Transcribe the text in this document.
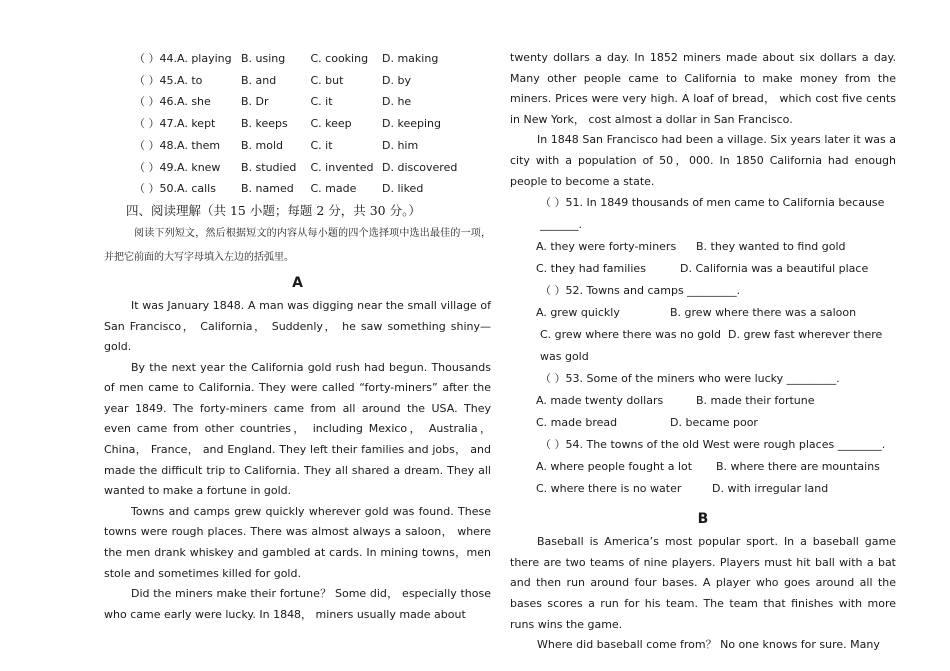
（ ）44.A. playing B. using C. cooking D. making
（ ）45.A. to	B. and	C. but	D. by
（ ）46.A. she	B. Dr	C. it	D. he
（ ）47.A. kept B. keeps C. keep	D. keeping
（ ）48.A. them B. mold C. it	D. him
（ ）49.A. knew B. studied C. invented D. discovered
（ ）50.A. calls B. named C. made D. liked
四、阅读理解（共 15 小题；每题 2 分，共 30 分。）

阅读下列短文，然后根据短文的内容从每小题的四个选择项中选出最佳的一项，并把它前面的大写字母填入左边的括弧里。

A

It was January 1848. A man was digging near the small village of San Francisco， California， Suddenly， he saw something shiny—gold.

By the next year the California gold rush had begun. Thousands of men came to California. They were called “forty-miners” after the year 1849. The forty-miners came from all around the USA. They even came from other countries， including Mexico， Australia， China， France， and England. They left their families and jobs， and made the difficult trip to California. They all shared a dream. They all wanted to make a fortune in gold.

Towns and camps grew quickly wherever gold was found. These towns were rough places. There was almost always a saloon， where the men drank whiskey and gambled at cards. In mining towns，men stole and sometimes killed for gold.

Did the miners make their fortune？ Some did， especially those who came early were lucky. In 1848， miners usually made about

twenty dollars a day. In 1852 miners made about six dollars a day. Many other people came to California to make money from the miners. Prices were very high. A loaf of bread， which cost five cents in New York， cost almost a dollar in San Francisco.

In 1848 San Francisco had been a village. Six years later it was a city with a population of 50，000. In 1850 California had enough people to become a state.

（ ）51. In 1849 thousands of men came to California because _______.
A. they were forty-miners B. they wanted to find gold
C. they had families	D. California was a beautiful place
（ ）52. Towns and camps _________.
A. grew quickly	B. grew where there was a saloon
C. grew where there was no gold D. grew fast wherever there was gold
（ ）53. Some of the miners who were lucky _________.
A. made twenty dollars	B. made their fortune
C. made bread	D. became poor
（ ）54. The towns of the old West were rough places ________.
A. where people fought a lot B. where there are mountains
C. where there is no water	D. with irregular land
B

Baseball is America’s most popular sport. In a baseball game there are two teams of nine players. Players must hit ball with a bat and then run around four bases. A player who goes around all the bases scores a run for his team. The team that finishes with more runs wins the game.

Where did baseball come from？ No one knows for sure. Many
